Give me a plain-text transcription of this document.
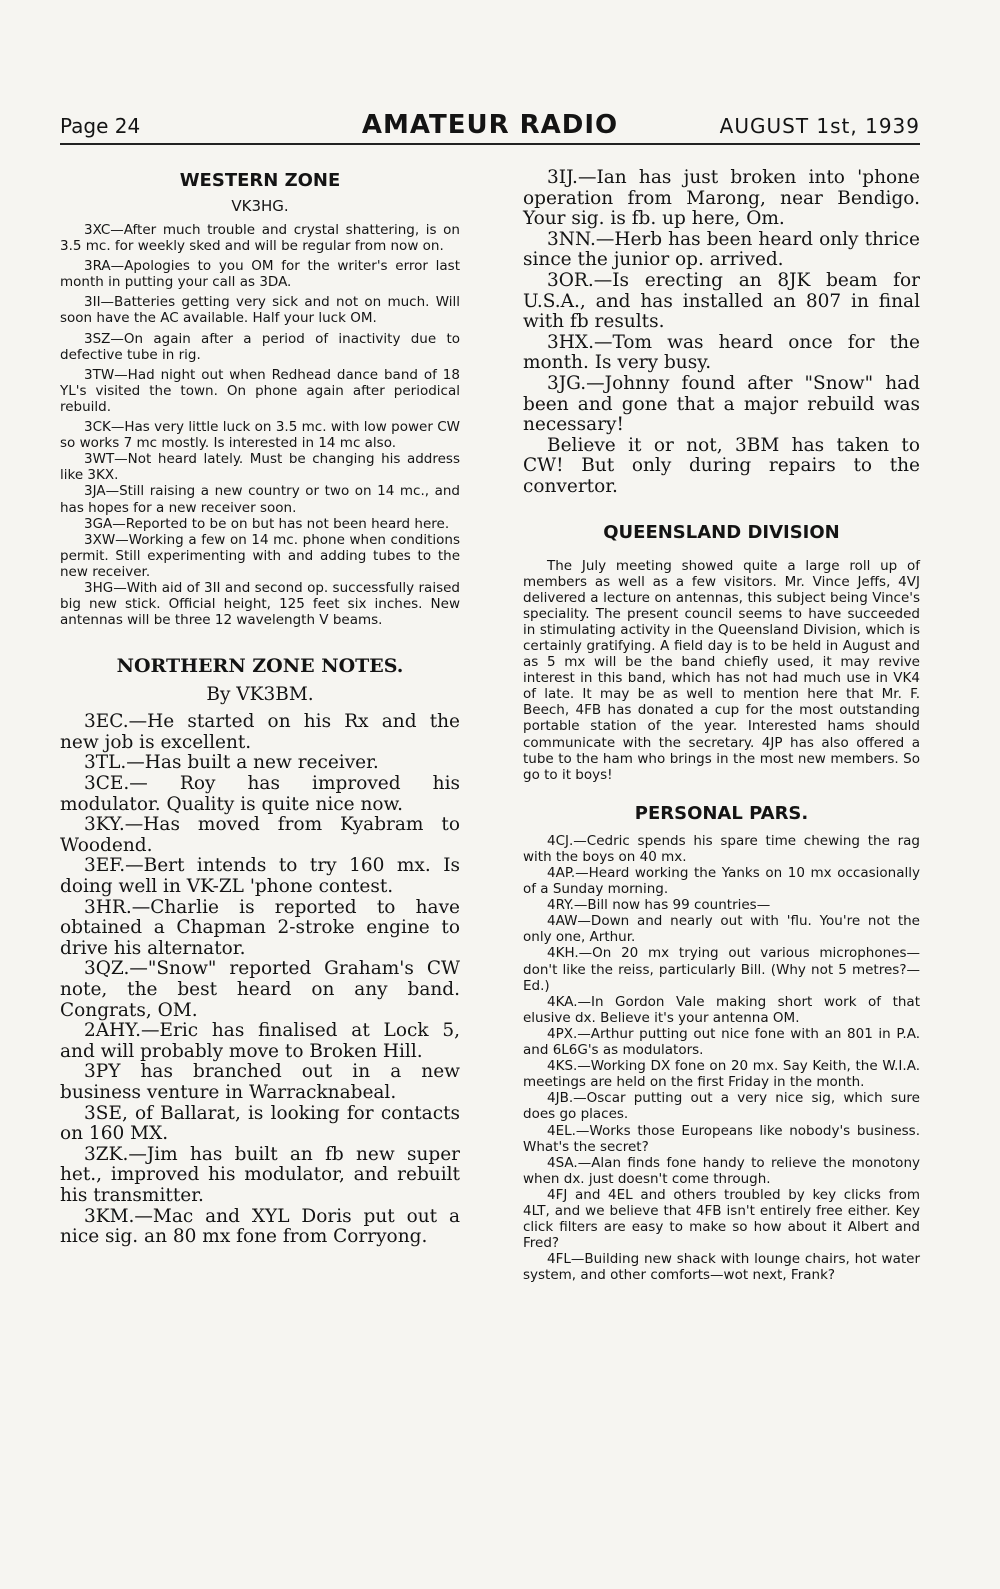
Page 24	AMATEUR RADIO	AUGUST 1st, 1939
WESTERN ZONE
VK3HG.

3XC—After much trouble and crystal shattering, is on 3.5 mc. for weekly sked and will be regular from now on.

3RA—Apologies to you OM for the writer's error last month in putting your call as 3DA.

3II—Batteries getting very sick and not on much. Will soon have the AC available. Half your luck OM.

3SZ—On again after a period of inactivity due to defective tube in rig.

3TW—Had night out when Redhead dance band of 18 YL's visited the town. On phone again after periodical rebuild.

3CK—Has very little luck on 3.5 mc. with low power CW so works 7 mc mostly. Is interested in 14 mc also.

3WT—Not heard lately. Must be changing his address like 3KX.

3JA—Still raising a new country or two on 14 mc., and has hopes for a new receiver soon.

3GA—Reported to be on but has not been heard here.

3XW—Working a few on 14 mc. phone when conditions permit. Still experimenting with and adding tubes to the new receiver.

3HG—With aid of 3II and second op. successfully raised big new stick. Official height, 125 feet six inches. New antennas will be three 12 wavelength V beams.

NORTHERN ZONE NOTES.
By VK3BM.

3EC.—He started on his Rx and the new job is excellent.

3TL.—Has built a new receiver.

3CE.— Roy has improved his modulator. Quality is quite nice now.

3KY.—Has moved from Kyabram to Woodend.

3EF.—Bert intends to try 160 mx. Is doing well in VK-ZL 'phone contest.

3HR.—Charlie is reported to have obtained a Chapman 2-stroke engine to drive his alternator.

3QZ.—"Snow" reported Graham's CW note, the best heard on any band. Congrats, OM.

2AHY.—Eric has finalised at Lock 5, and will probably move to Broken Hill.

3PY has branched out in a new business venture in Warracknabeal.

3SE, of Ballarat, is looking for contacts on 160 MX.

3ZK.—Jim has built an fb new super het., improved his modulator, and rebuilt his transmitter.

3KM.—Mac and XYL Doris put out a nice sig. an 80 mx fone from Corryong.

3IJ.—Ian has just broken into 'phone operation from Marong, near Bendigo. Your sig. is fb. up here, Om.

3NN.—Herb has been heard only thrice since the junior op. arrived.

3OR.—Is erecting an 8JK beam for U.S.A., and has installed an 807 in final with fb results.

3HX.—Tom was heard once for the month. Is very busy.

3JG.—Johnny found after "Snow" had been and gone that a major rebuild was necessary!

Believe it or not, 3BM has taken to CW! But only during repairs to the convertor.

QUEENSLAND DIVISION

The July meeting showed quite a large roll up of members as well as a few visitors. Mr. Vince Jeffs, 4VJ delivered a lecture on antennas, this subject being Vince's speciality. The present council seems to have succeeded in stimulating activity in the Queensland Division, which is certainly gratifying. A field day is to be held in August and as 5 mx will be the band chiefly used, it may revive interest in this band, which has not had much use in VK4 of late. It may be as well to mention here that Mr. F. Beech, 4FB has donated a cup for the most outstanding portable station of the year. Interested hams should communicate with the secretary. 4JP has also offered a tube to the ham who brings in the most new members. So go to it boys!

PERSONAL PARS.

4CJ.—Cedric spends his spare time chewing the rag with the boys on 40 mx.

4AP.—Heard working the Yanks on 10 mx occasionally of a Sunday morning.

4RY.—Bill now has 99 countries—

4AW—Down and nearly out with 'flu. You're not the only one, Arthur.

4KH.—On 20 mx trying out various microphones— don't like the reiss, particularly Bill. (Why not 5 metres?—Ed.)

4KA.—In Gordon Vale making short work of that elusive dx. Believe it's your antenna OM.

4PX.—Arthur putting out nice fone with an 801 in P.A. and 6L6G's as modulators.

4KS.—Working DX fone on 20 mx. Say Keith, the W.I.A. meetings are held on the first Friday in the month.

4JB.—Oscar putting out a very nice sig, which sure does go places.

4EL.—Works those Europeans like nobody's business. What's the secret?

4SA.—Alan finds fone handy to relieve the monotony when dx. just doesn't come through.

4FJ and 4EL and others troubled by key clicks from 4LT, and we believe that 4FB isn't entirely free either. Key click filters are easy to make so how about it Albert and Fred?

4FL—Building new shack with lounge chairs, hot water system, and other comforts—wot next, Frank?
